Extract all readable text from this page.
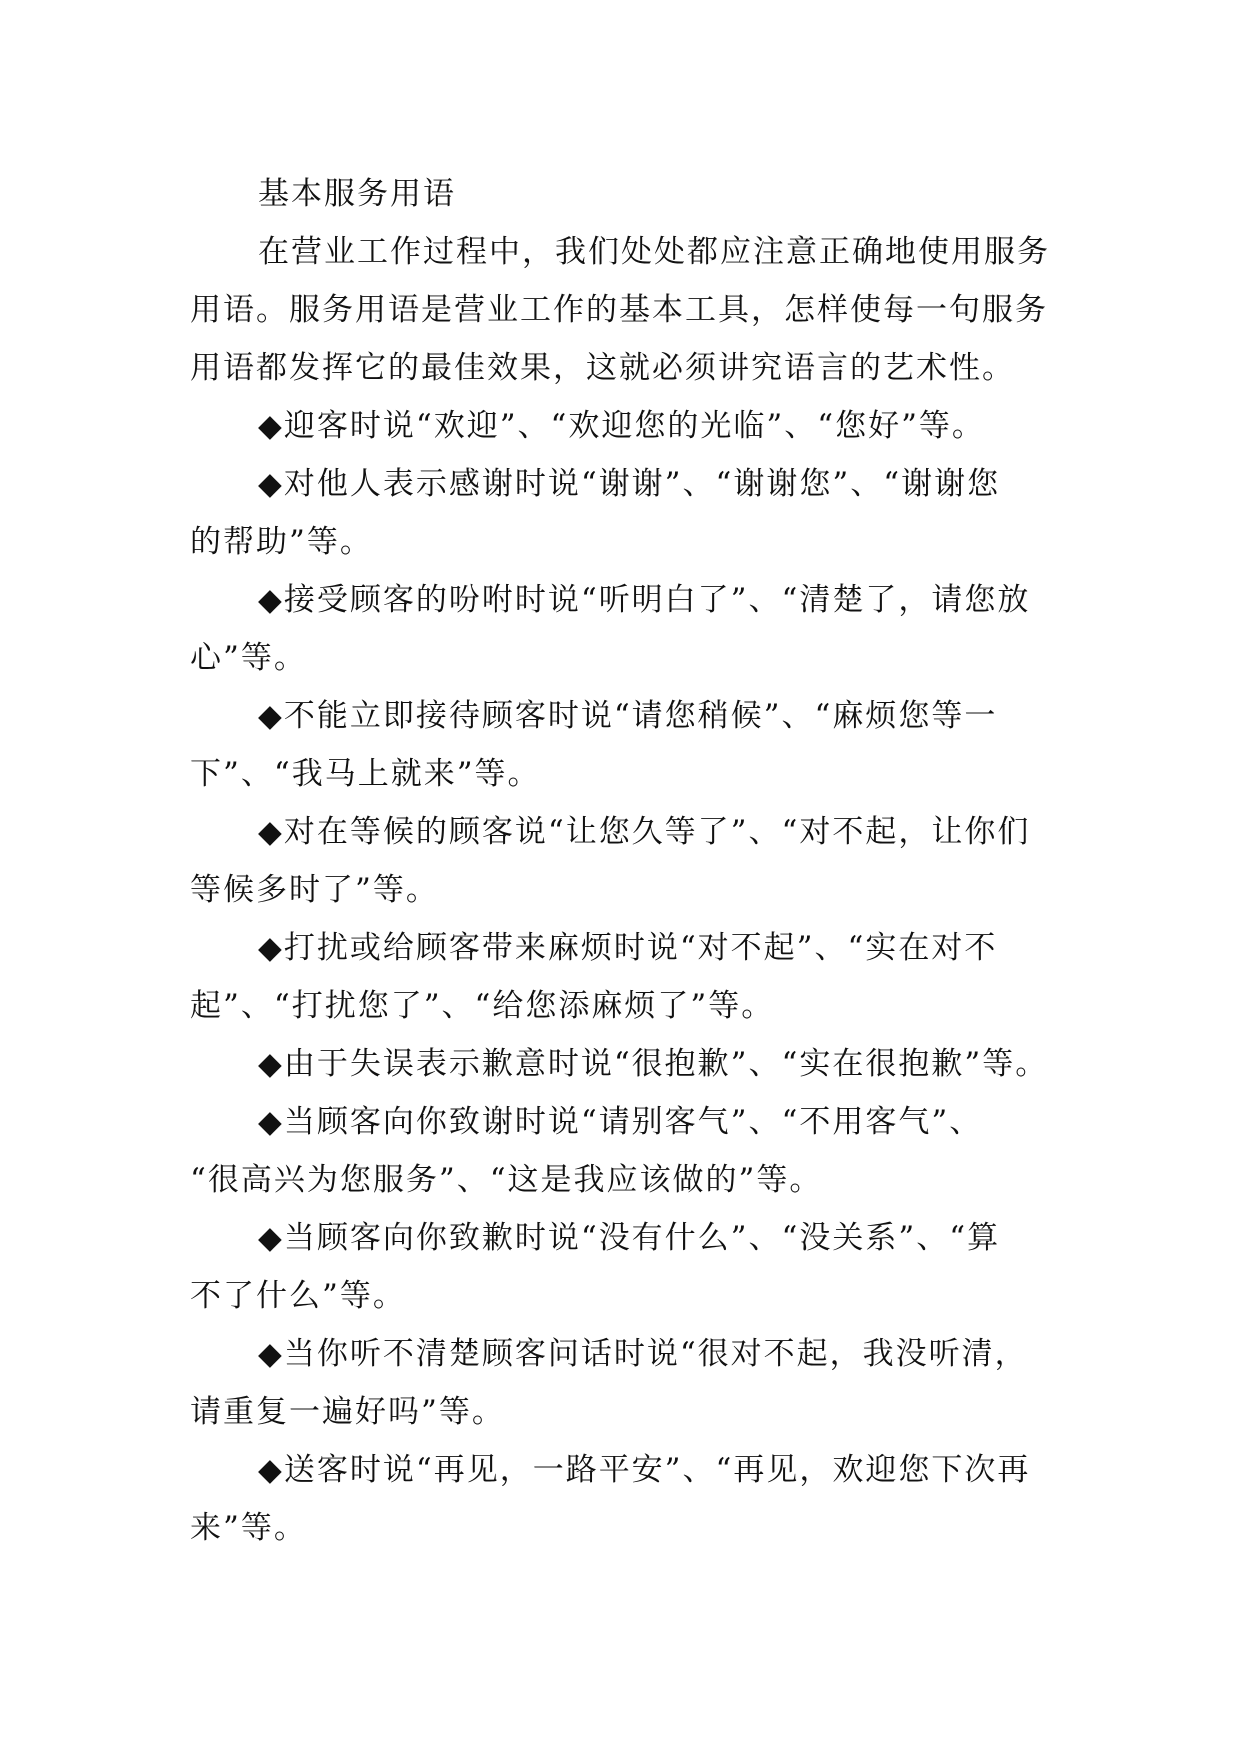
基本服务用语
在营业工作过程中，我们处处都应注意正确地使用服务
用语。服务用语是营业工作的基本工具，怎样使每一句服务
用语都发挥它的最佳效果，这就必须讲究语言的艺术性。
◆迎客时说“欢迎”、“欢迎您的光临”、“您好”等。
◆对他人表示感谢时说“谢谢”、“谢谢您”、“谢谢您
的帮助”等。
◆接受顾客的吩咐时说“听明白了”、“清楚了，请您放
心”等。
◆不能立即接待顾客时说“请您稍候”、“麻烦您等一
下”、“我马上就来”等。
◆对在等候的顾客说“让您久等了”、“对不起，让你们
等候多时了”等。
◆打扰或给顾客带来麻烦时说“对不起”、“实在对不
起”、“打扰您了”、“给您添麻烦了”等。
◆由于失误表示歉意时说“很抱歉”、“实在很抱歉”等。
◆当顾客向你致谢时说“请别客气”、“不用客气”、
“很高兴为您服务”、“这是我应该做的”等。
◆当顾客向你致歉时说“没有什么”、“没关系”、“算
不了什么”等。
◆当你听不清楚顾客问话时说“很对不起，我没听清，
请重复一遍好吗”等。
◆送客时说“再见，一路平安”、“再见，欢迎您下次再
来”等。
